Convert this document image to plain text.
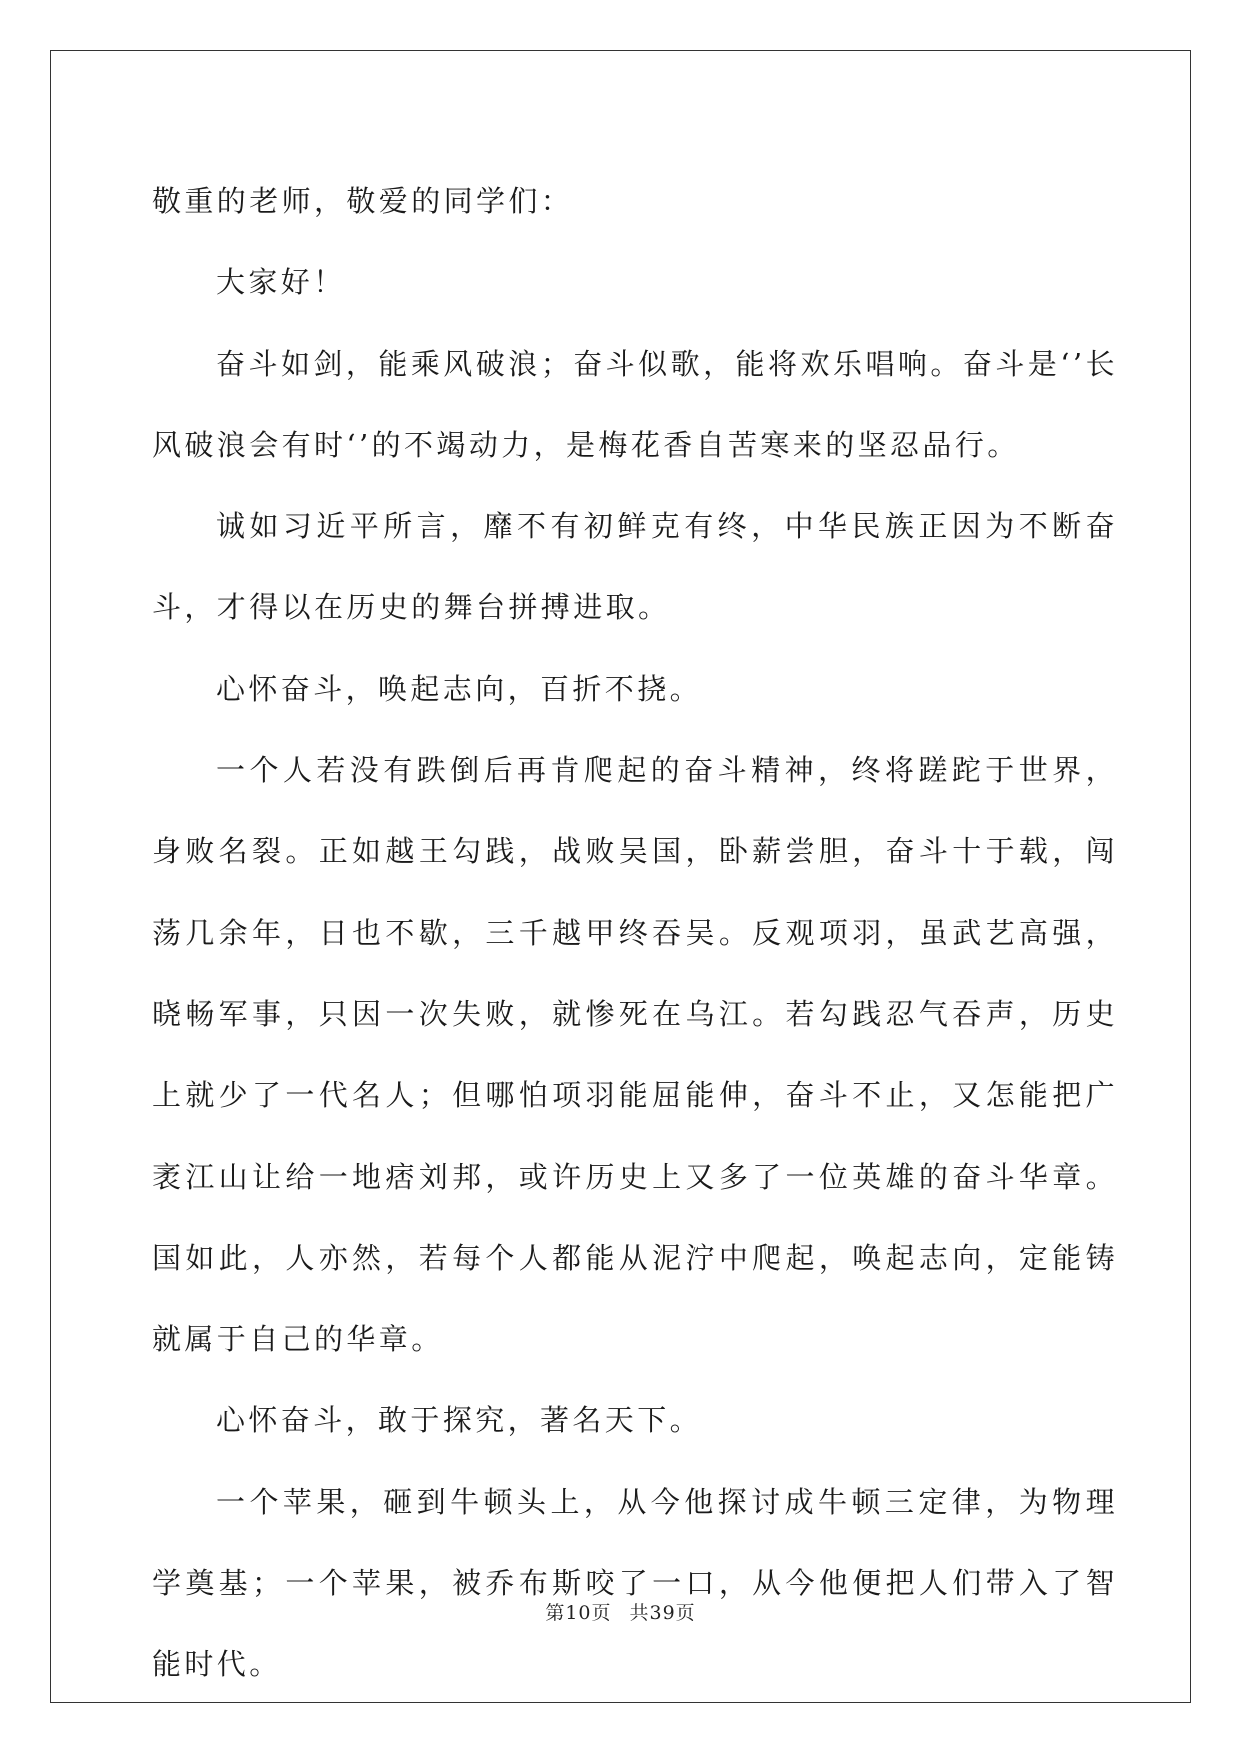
敬重的老师，敬爱的同学们：

大家好！

奋斗如剑，能乘风破浪；奋斗似歌，能将欢乐唱响。奋斗是‘’长风破浪会有时‘’的不竭动力，是梅花香自苦寒来的坚忍品行。

诚如习近平所言，靡不有初鲜克有终，中华民族正因为不断奋斗，才得以在历史的舞台拼搏进取。

心怀奋斗，唤起志向，百折不挠。

一个人若没有跌倒后再肯爬起的奋斗精神，终将蹉跎于世界，身败名裂。正如越王勾践，战败吴国，卧薪尝胆，奋斗十于载，闯荡几余年，日也不歇，三千越甲终吞吴。反观项羽，虽武艺高强，晓畅军事，只因一次失败，就惨死在乌江。若勾践忍气吞声，历史上就少了一代名人；但哪怕项羽能屈能伸，奋斗不止，又怎能把广袤江山让给一地痞刘邦，或许历史上又多了一位英雄的奋斗华章。国如此，人亦然，若每个人都能从泥泞中爬起，唤起志向，定能铸就属于自己的华章。

心怀奋斗，敢于探究，著名天下。

一个苹果，砸到牛顿头上，从今他探讨成牛顿三定律，为物理学奠基；一个苹果，被乔布斯咬了一口，从今他便把人们带入了智能时代。

第10页 共39页
